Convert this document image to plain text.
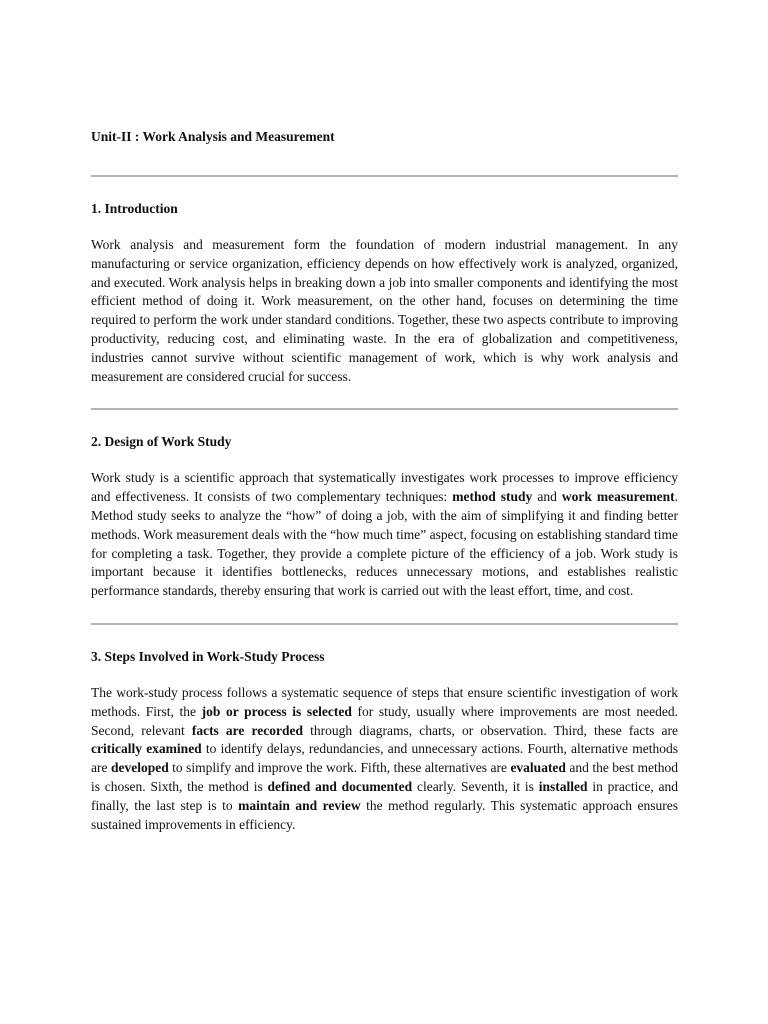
Unit-II : Work Analysis and Measurement
1. Introduction

Work analysis and measurement form the foundation of modern industrial management. In any manufacturing or service organization, efficiency depends on how effectively work is analyzed, organized, and executed. Work analysis helps in breaking down a job into smaller components and identifying the most efficient method of doing it. Work measurement, on the other hand, focuses on determining the time required to perform the work under standard conditions. Together, these two aspects contribute to improving productivity, reducing cost, and eliminating waste. In the era of globalization and competitiveness, industries cannot survive without scientific management of work, which is why work analysis and measurement are considered crucial for success.

2. Design of Work Study

Work study is a scientific approach that systematically investigates work processes to improve efficiency and effectiveness. It consists of two complementary techniques: method study and work measurement. Method study seeks to analyze the “how” of doing a job, with the aim of simplifying it and finding better methods. Work measurement deals with the “how much time” aspect, focusing on establishing standard time for completing a task. Together, they provide a complete picture of the efficiency of a job. Work study is important because it identifies bottlenecks, reduces unnecessary motions, and establishes realistic performance standards, thereby ensuring that work is carried out with the least effort, time, and cost.

3. Steps Involved in Work-Study Process

The work-study process follows a systematic sequence of steps that ensure scientific investigation of work methods. First, the job or process is selected for study, usually where improvements are most needed. Second, relevant facts are recorded through diagrams, charts, or observation. Third, these facts are critically examined to identify delays, redundancies, and unnecessary actions. Fourth, alternative methods are developed to simplify and improve the work. Fifth, these alternatives are evaluated and the best method is chosen. Sixth, the method is defined and documented clearly. Seventh, it is installed in practice, and finally, the last step is to maintain and review the method regularly. This systematic approach ensures sustained improvements in efficiency.
